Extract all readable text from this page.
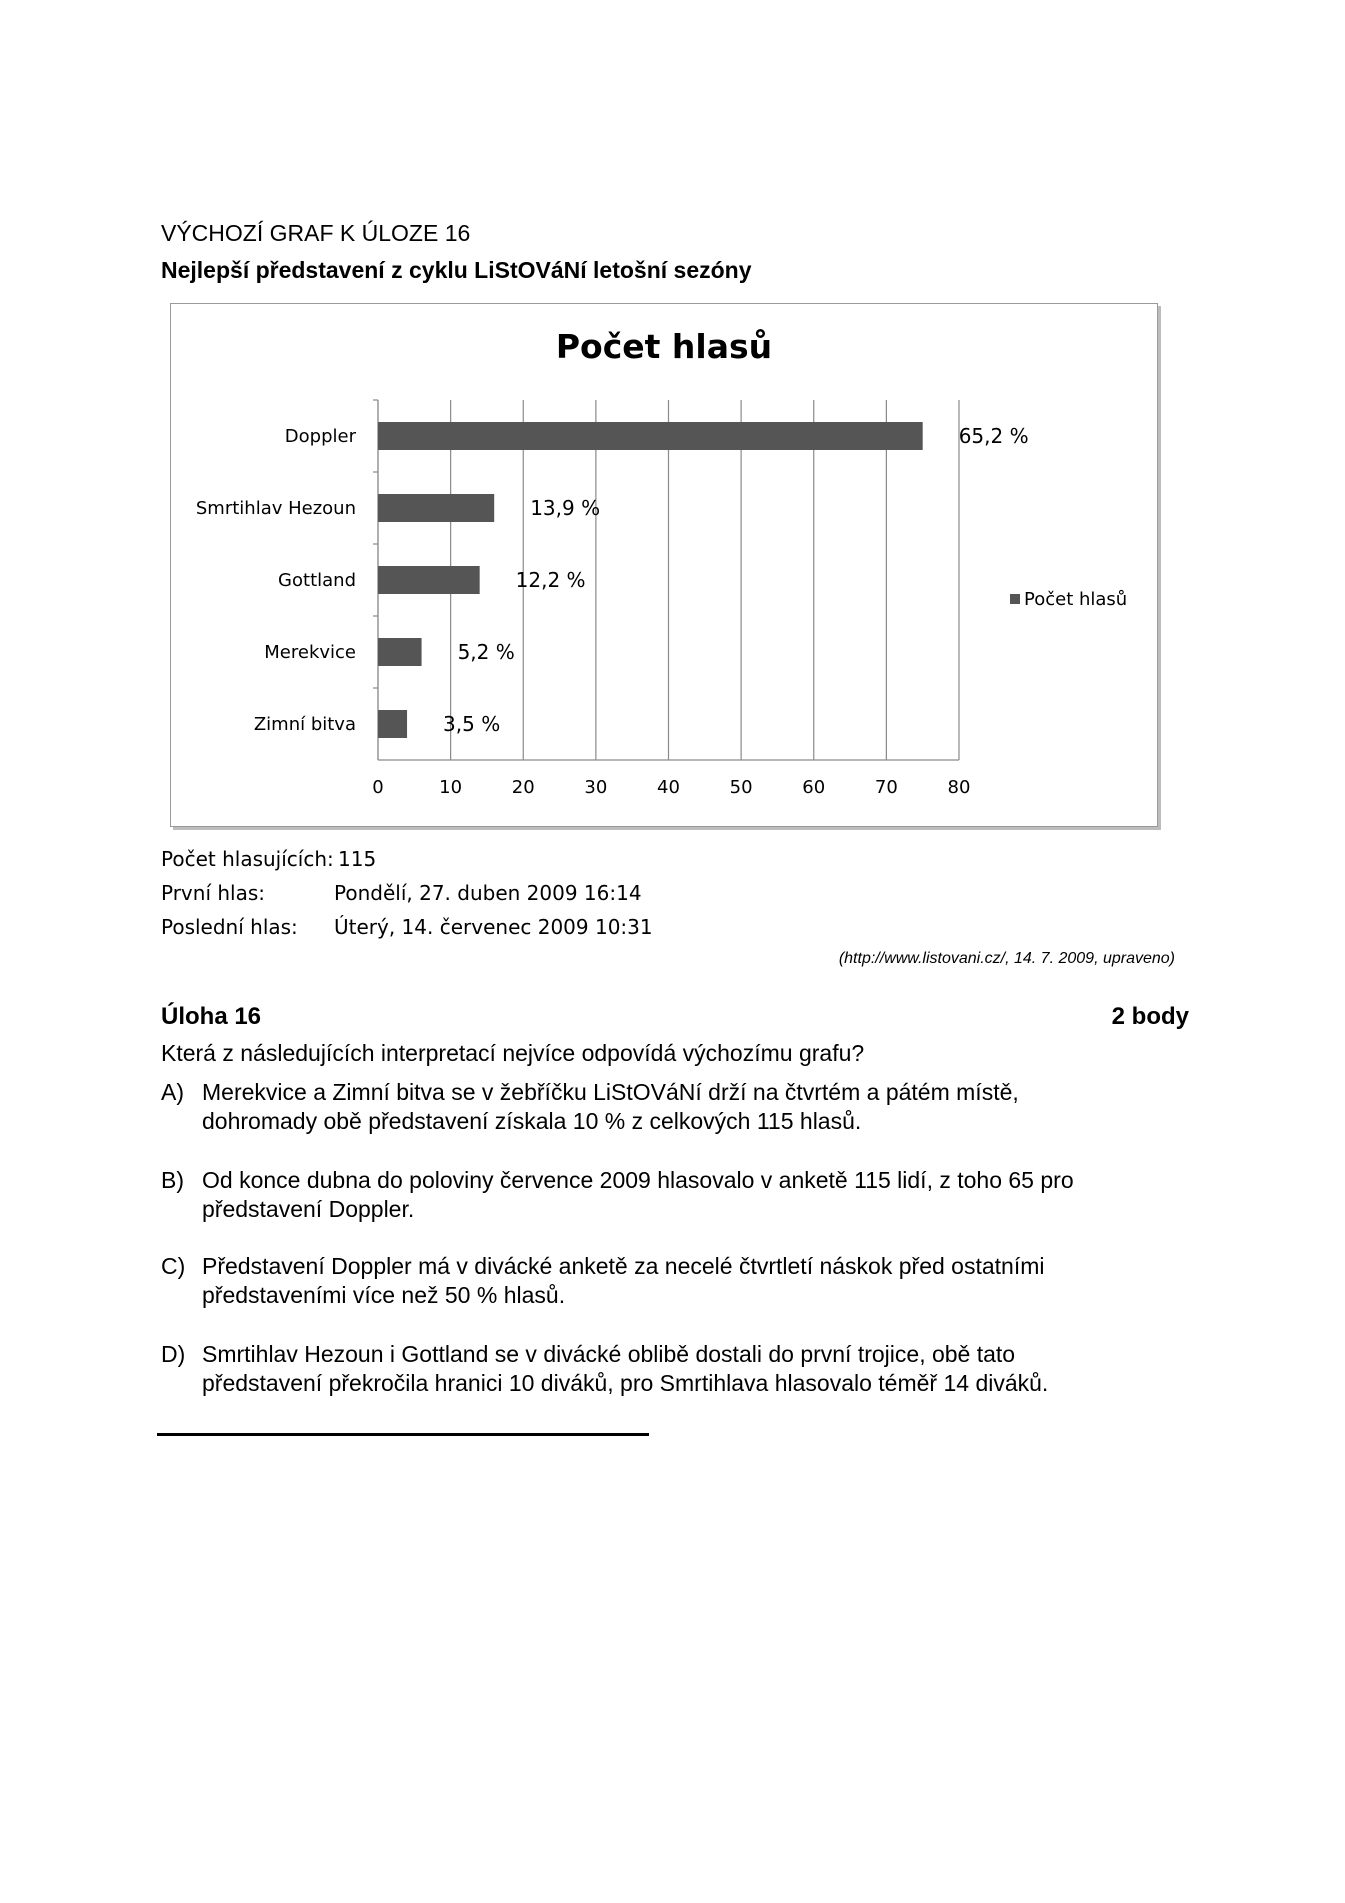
VÝCHOZÍ GRAF K ÚLOZE 16
Nejlepší představení z cyklu LiStOVáNí letošní sezóny
Počet hlasů
0	10	20	30	40	50	60	70	80
Doppler	65,2 %
Smrtihlav Hezoun	13,9 %
Gottland	12,2 %
Merekvice	5,2 %
Zimní bitva	3,5 %
Počet hlasů
Počet hlasujících: 115
První hlas:	Pondělí, 27. duben 2009 16:14
Poslední hlas: Úterý, 14. červenec 2009 10:31
(http://www.listovani.cz/, 14. 7. 2009, upraveno)
Úloha 16	2 body
Která z následujících interpretací nejvíce odpovídá výchozímu grafu?
A) Merekvice a Zimní bitva se v žebříčku LiStOVáNí drží na čtvrtém a pátém místě,
dohromady obě představení získala 10 % z celkových 115 hlasů.
B) Od konce dubna do poloviny července 2009 hlasovalo v anketě 115 lidí, z toho 65 pro
představení Doppler.
C) Představení Doppler má v divácké anketě za necelé čtvrtletí náskok před ostatními
představeními více než 50 % hlasů.
D) Smrtihlav Hezoun i Gottland se v divácké oblibě dostali do první trojice, obě tato
představení překročila hranici 10 diváků, pro Smrtihlava hlasovalo téměř 14 diváků.
